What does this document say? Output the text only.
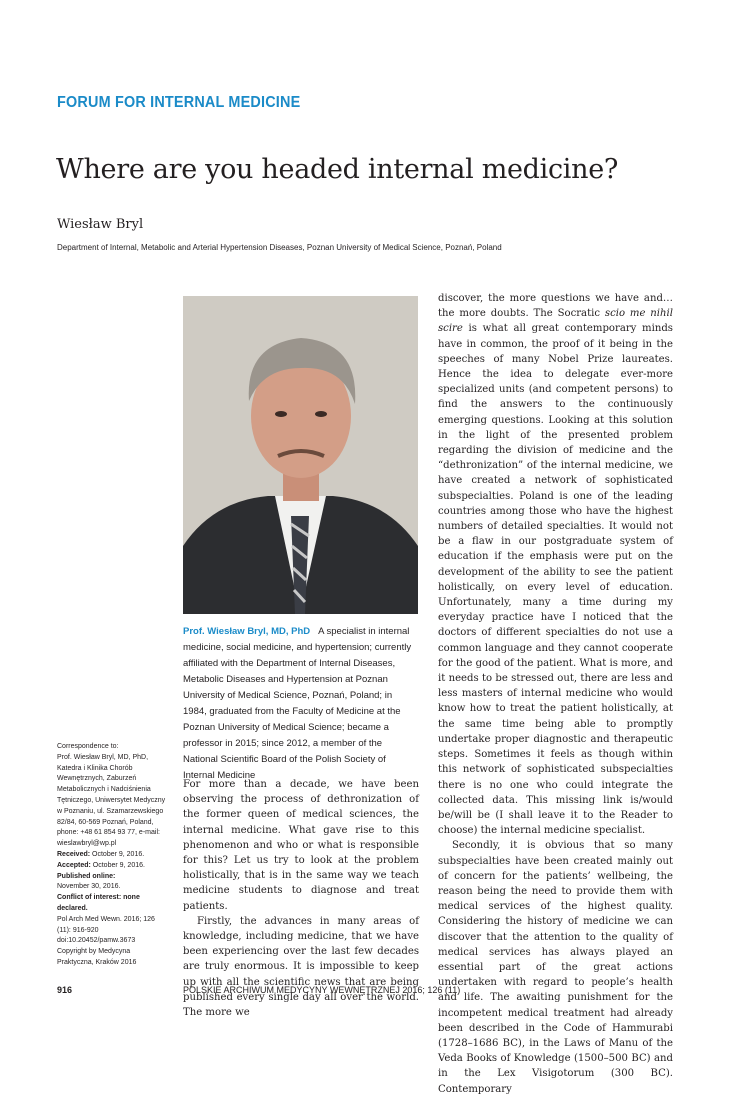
FORUM FOR INTERNAL MEDICINE
Where are you headed internal medicine?
Wiesław Bryl
Department of Internal, Metabolic and Arterial Hypertension Diseases, Poznan University of Medical Science, Poznań, Poland
Prof. Wiesław Bryl, MD, PhD A specialist in internal medicine, social medicine, and hypertension; currently affiliated with the Department of Internal Diseases, Metabolic Diseases and Hypertension at Poznan University of Medical Science, Poznań, Poland; in 1984, graduated from the Faculty of Medicine at the Poznan University of Medical Science; became a professor in 2015; since 2012, a member of the National Scientific Board of the Polish Society of Internal Medicine
Correspondence to:
Prof. Wiesław Bryl, MD, PhD, Katedra i Klinika Chorób Wewnętrznych, Zaburzeń Metabolicznych i Nadciśnienia Tętniczego, Uniwersytet Medyczny w Poznaniu, ul. Szamarzewskiego 82/84, 60-569 Poznań, Poland, phone: +48 61 854 93 77, e-mail: wieslawbryl@wp.pl
Received: October 9, 2016.
Accepted: October 9, 2016.
Published online:
November 30, 2016.
Conflict of interest: none declared.
Pol Arch Med Wewn. 2016; 126 (11): 916-920
doi:10.20452/pamw.3673
Copyright by Medycyna Praktyczna, Kraków 2016

For more than a decade, we have been observing the process of dethronization of the former queen of medical sciences, the internal medicine. What gave rise to this phenomenon and who or what is responsible for this? Let us try to look at the problem holistically, that is in the same way we teach medicine students to diagnose and treat patients.

Firstly, the advances in many areas of knowledge, including medicine, that we have been experiencing over the last few decades are truly enormous. It is impossible to keep up with all the scientific news that are being published every single day all over the world. The more we

discover, the more questions we have and… the more doubts. The Socratic scio me nihil scire is what all great contemporary minds have in common, the proof of it being in the speeches of many Nobel Prize laureates. Hence the idea to delegate ever-more specialized units (and competent persons) to find the answers to the continuously emerging questions. Looking at this solution in the light of the presented problem regarding the division of medicine and the “dethronization” of the internal medicine, we have created a network of sophisticated subspecialties. Poland is one of the leading countries among those who have the highest numbers of detailed specialties. It would not be a flaw in our postgraduate system of education if the emphasis were put on the development of the ability to see the patient holistically, on every level of education. Unfortunately, many a time during my everyday practice have I noticed that the doctors of different specialties do not use a common language and they cannot cooperate for the good of the patient. What is more, and it needs to be stressed out, there are less and less masters of internal medicine who would know how to treat the patient holistically, at the same time being able to promptly undertake proper diagnostic and therapeutic steps. Sometimes it feels as though within this network of sophisticated subspecialties there is no one who could integrate the collected data. This missing link is/would be/will be (I shall leave it to the Reader to choose) the internal medicine specialist.

Secondly, it is obvious that so many subspecialties have been created mainly out of concern for the patients’ wellbeing, the reason being the need to provide them with medical services of the highest quality. Considering the history of medicine we can discover that the attention to the quality of medical services has always played an essential part of the great actions undertaken with regard to people’s health and life. The awaiting punishment for the incompetent medical treatment had already been described in the Code of Hammurabi (1728–1686 BC), in the Laws of Manu of the Veda Books of Knowledge (1500–500 BC) and in the Lex Visigotorum (300 BC). Contemporary

916	POLSKIE ARCHIWUM MEDYCYNY WEWNĘTRZNEJ 2016; 126 (11)
